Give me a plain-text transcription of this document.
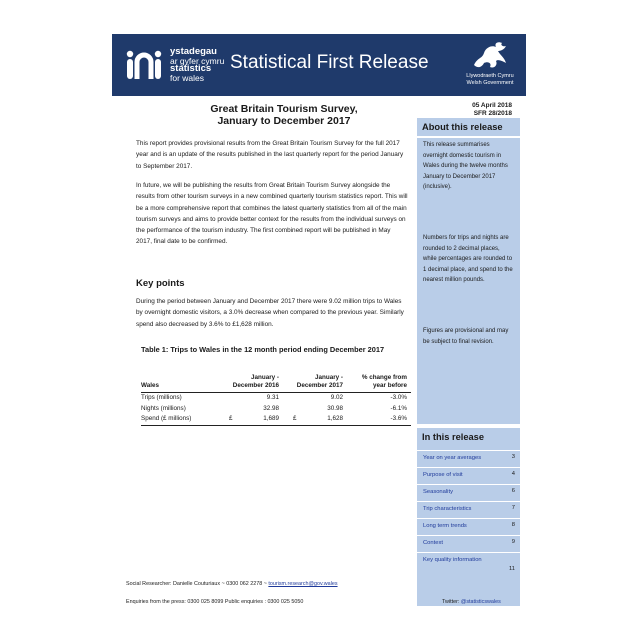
ystadegau
ar gyfer cymru
statistics
for wales
Statistical First Release
Llywodraeth Cymru
Welsh Government
Great Britain Tourism Survey,
January to December 2017
05 April 2018
SFR 28/2018

This report provides provisional results from the Great Britain Tourism Survey for the full 2017 year and is an update of the results published in the last quarterly report for the period January to September 2017.

In future, we will be publishing the results from Great Britain Tourism Survey alongside the results from other tourism surveys in a new combined quarterly tourism statistics report. This will be a more comprehensive report that combines the latest quarterly statistics from all of the main tourism surveys and aims to provide better context for the results from the individual surveys on the performance of the tourism industry. The first combined report will be published in May 2017, final date to be confirmed.

Key points

During the period between January and December 2017 there were 9.02 million trips to Wales by overnight domestic visitors, a 3.0% decrease when compared to the previous year. Similarly spend also decreased by 3.6% to £1,628 million.

Table 1: Trips to Wales in the 12 month period ending December 2017
Wales
January - December 2016
January - December 2017
% change from year before
Trips (millions)	9.31	9.02	-3.0%
Nights (millions)	32.98	30.98	-6.1%
Spend (£ millions)	£	1,689 £	1,628	-3.6%
About this release

This release summarises overnight domestic tourism in Wales during the twelve months January to December 2017 (inclusive).

Numbers for trips and nights are rounded to 2 decimal places, while percentages are rounded to 1 decimal place, and spend to the nearest million pounds.

Figures are provisional and may be subject to final revision.

In this release
Year on year averages	3
Purpose of visit	4
Seasonality	6
Trip characteristics	7
Long term trends	8
Context	9
Key quality information
11
Social Researcher: Danielle Couturiaux ~ 0300 062 2278 ~ tourism.research@gov.wales
Enquiries from the press: 0300 025 8099 Public enquiries : 0300 025 5050	Twitter: @statisticswales
